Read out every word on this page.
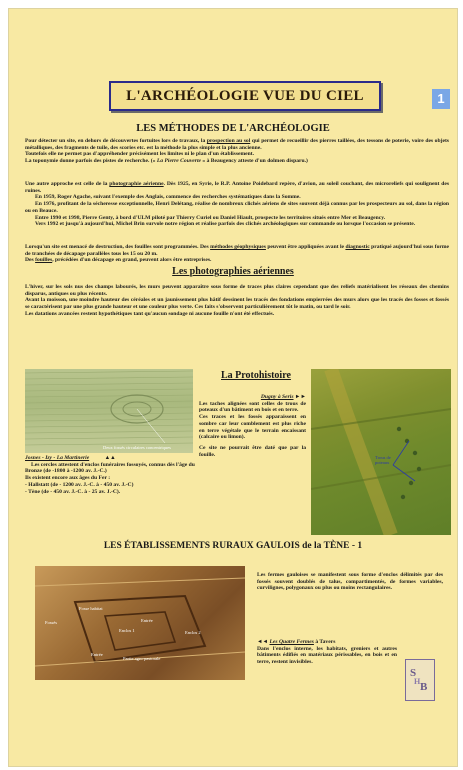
L'ARCHÉOLOGIE VUE DU CIEL	1
LES MÉTHODES DE L'ARCHÉOLOGIE

Pour détecter un site, en dehors de découvertes fortuites lors de travaux, la prospection au sol qui permet de recueillir des pierres taillées, des tessons de poterie, voire des objets métalliques, des fragments de tuile, des scories etc. est la méthode la plus simple et la plus ancienne.

Toutefois elle ne permet pas d'appréhender précisément les limites ni le plan d'un établissement.

La toponymie donne parfois des pistes de recherche. (« La Pierre Couverte » à Beaugency atteste d'un dolmen disparu.)

Une autre approche est celle de la photographie aérienne. Dès 1925, en Syrie, le R.P. Antoine Poidebard repère, d'avion, au soleil couchant, des microreliefs qui soulignent des ruines.

En 1959, Roger Agache, suivant l'exemple des Anglais, commence des recherches systématiques dans la Somme.

En 1976, profitant de la sécheresse exceptionnelle, Henri Delétang, réalise de nombreux clichés aériens de sites souvent déjà connus par les prospecteurs au sol, dans la région ou en Beauce.

Entre 1990 et 1998, Pierre Genty, à bord d'ULM piloté par Thierry Curiel ou Daniel Hiault, prospecte les territoires situés entre Mer et Beaugency.

Vers 1992 et jusqu'à aujourd'hui, Michel Brin survole notre région et réalise parfois des clichés archéologiques sur commande ou lorsque l'occasion se présente.

Lorsqu'un site est menacé de destruction, des fouilles sont programmées. Des méthodes géophysiques peuvent être appliquées avant le diagnostic pratiqué aujourd'hui sous forme de tranchées de décapage parallèles tous les 15 ou 20 m.

Des fouilles, précédées d'un décapage en grand, peuvent alors être entreprises.

Les photographies aériennes

L'hiver, sur les sols nus des champs labourés, les murs peuvent apparaître sous forme de traces plus claires cependant que des reliefs matérialisent les réseaux des chemins disparus, antiques ou plus récents.

Avant la moisson, une moindre hauteur des céréales et un jaunissement plus hâtif dessinent les tracés des fondations empierrées des murs alors que les tracés des fosses et fossés se caractérisent par une plus grande hauteur et une couleur plus verte. Ces faits s'observent particulièrement tôt le matin, ou tard le soir.

Les datations avancées restent hypothétiques tant qu'aucun sondage ni aucune fouille n'ont été effectués.

Deux fossés circulaires concentriques
La Protohistoire

Dugny à Seris ►►

Les taches alignées sont celles de trous de poteaux d'un bâtiment en bois et en terre.

Ces traces et les fossés apparaissent en sombre car leur comblement est plus riche en terre végétale que le terrain encaissant (calcaire ou limon).

Ce site ne pourrait être daté que par la fouille.	Trous de
poteaux

Josnes - Izy - La Martinerie	▲▲

Les cercles attestent d'enclos funéraires fossoyés, connus dès l'âge du Bronze (de -1800 à -1200 av. J.-C.)

Ils existent encore aux âges du Fer :

- Hallstatt (de - 1200 av. J.-C. à - 450 av. J.-C)

- Tène (de - 450 av. J.-C. à - 25 av. J.-C).

LES ÉTABLISSEMENTS RURAUX GAULOIS de la TÈNE - 1
Fosse habitat
Fossés
Enclos 1	Enclos 2
Entrée
Entrée
Partie agro-pastorale
Les fermes gauloises se manifestent sous forme d'enclos délimités par des fossés souvent doublés de talus, compartimentés, de formes variables, curvilignes, polygonaux ou plus ou moins rectangulaires.

◄◄ Les Quatre Fermes à Tavers

Dans l'enclos interne, les habitats, greniers et autres bâtiments édifiés en matériaux périssables, en bois et en terre, restent invisibles.

S
B
H
